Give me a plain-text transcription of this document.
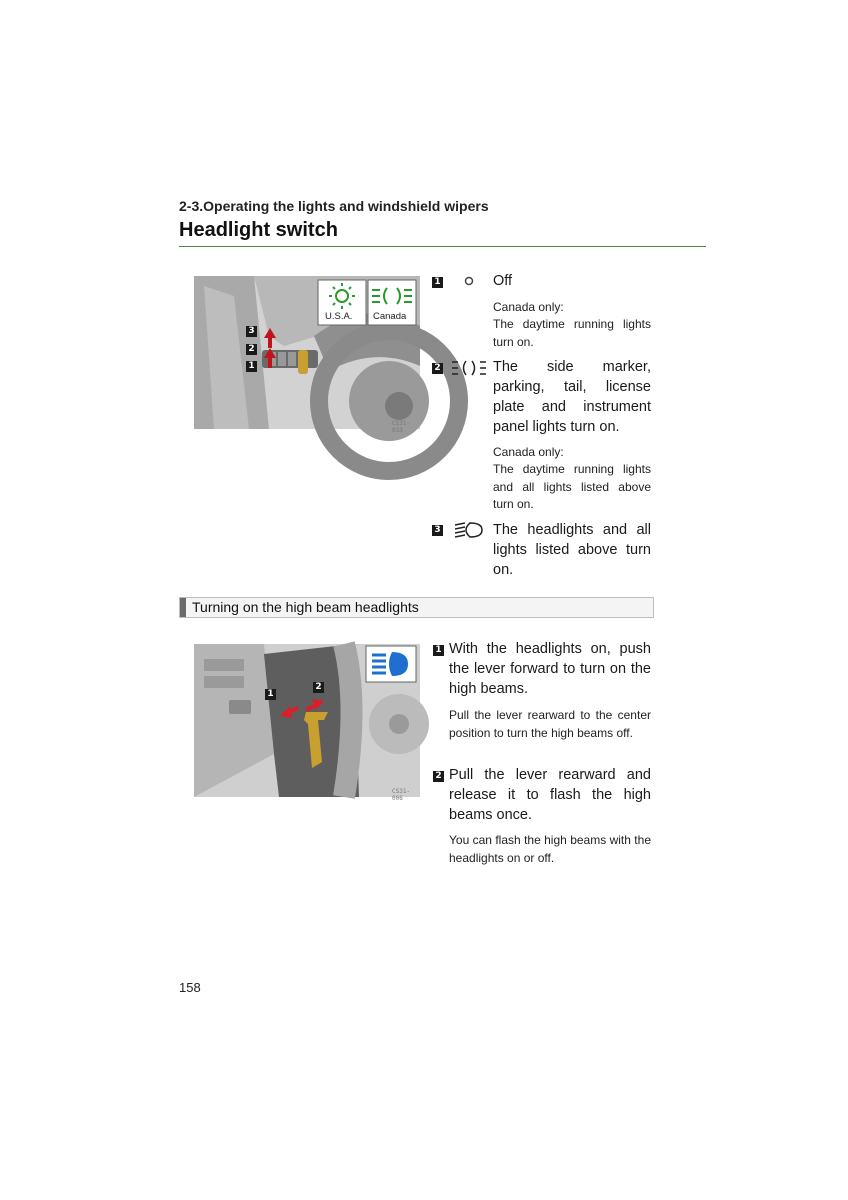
2-3.Operating the lights and windshield wipers
Headlight switch
U.S.A. Canada
3
2
1
CS31-033
1	Off
Canada only:
The daytime running lights turn on.
2	The side marker, parking, tail, license plate and instrument panel lights turn on.
Canada only:
The daytime running lights and all lights listed above turn on.
3	The headlights and all lights listed above turn on.
Turning on the high beam headlights
1
2
CS31-006
1 With the headlights on, push the lever forward to turn on the high beams.
Pull the lever rearward to the center position to turn the high beams off.
2 Pull the lever rearward and release it to flash the high beams once.
You can flash the high beams with the headlights on or off.
158
